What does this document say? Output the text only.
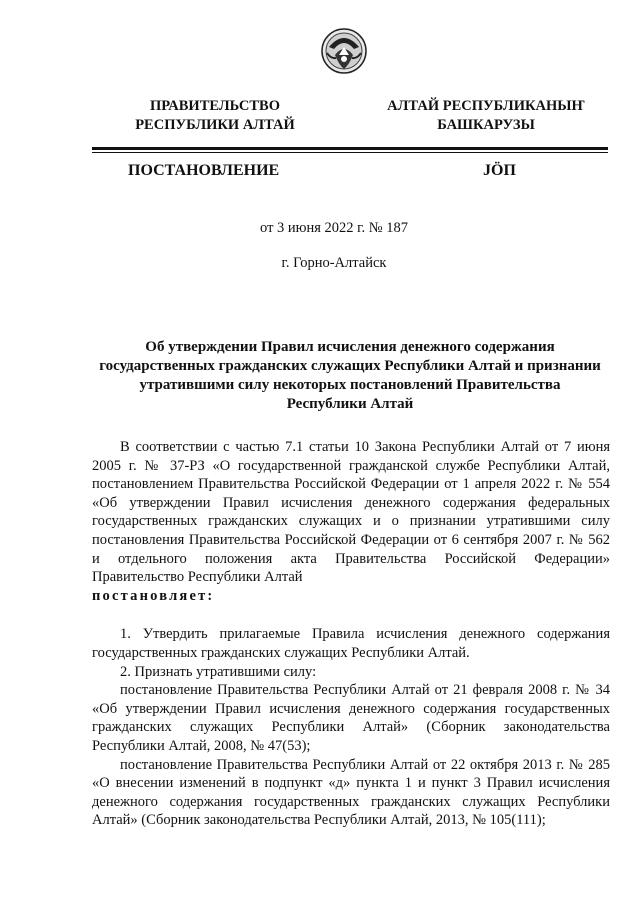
ПРАВИТЕЛЬСТВО
РЕСПУБЛИКИ АЛТАЙ
АЛТАЙ РЕСПУБЛИКАНЫҤ
БАШКАРУЗЫ
ПОСТАНОВЛЕНИЕ	JÖП
от 3 июня 2022 г. № 187
г. Горно-Алтайск
Об утверждении Правил исчисления денежного содержания
государственных гражданских служащих Республики Алтай и признании
утратившими силу некоторых постановлений Правительства
Республики Алтай

В соответствии с частью 7.1 статьи 10 Закона Республики Алтай от 7 июня 2005 г. № 37-РЗ «О государственной гражданской службе Республики Алтай, постановлением Правительства Российской Федерации от 1 апреля 2022 г. № 554 «Об утверждении Правил исчисления денежного содержания федеральных государственных гражданских служащих и о признании утратившими силу постановления Правительства Российской Федерации от 6 сентября 2007 г. № 562 и отдельного положения акта Правительства Российской Федерации» Правительство Республики Алтай

постановляет:

1. Утвердить прилагаемые Правила исчисления денежного содержания государственных гражданских служащих Республики Алтай.

2. Признать утратившими силу:

постановление Правительства Республики Алтай от 21 февраля 2008 г. № 34 «Об утверждении Правил исчисления денежного содержания государственных гражданских служащих Республики Алтай» (Сборник законодательства Республики Алтай, 2008, № 47(53);

постановление Правительства Республики Алтай от 22 октября 2013 г. № 285 «О внесении изменений в подпункт «д» пункта 1 и пункт 3 Правил исчисления денежного содержания государственных гражданских служащих Республики Алтай» (Сборник законодательства Республики Алтай, 2013, № 105(111);
